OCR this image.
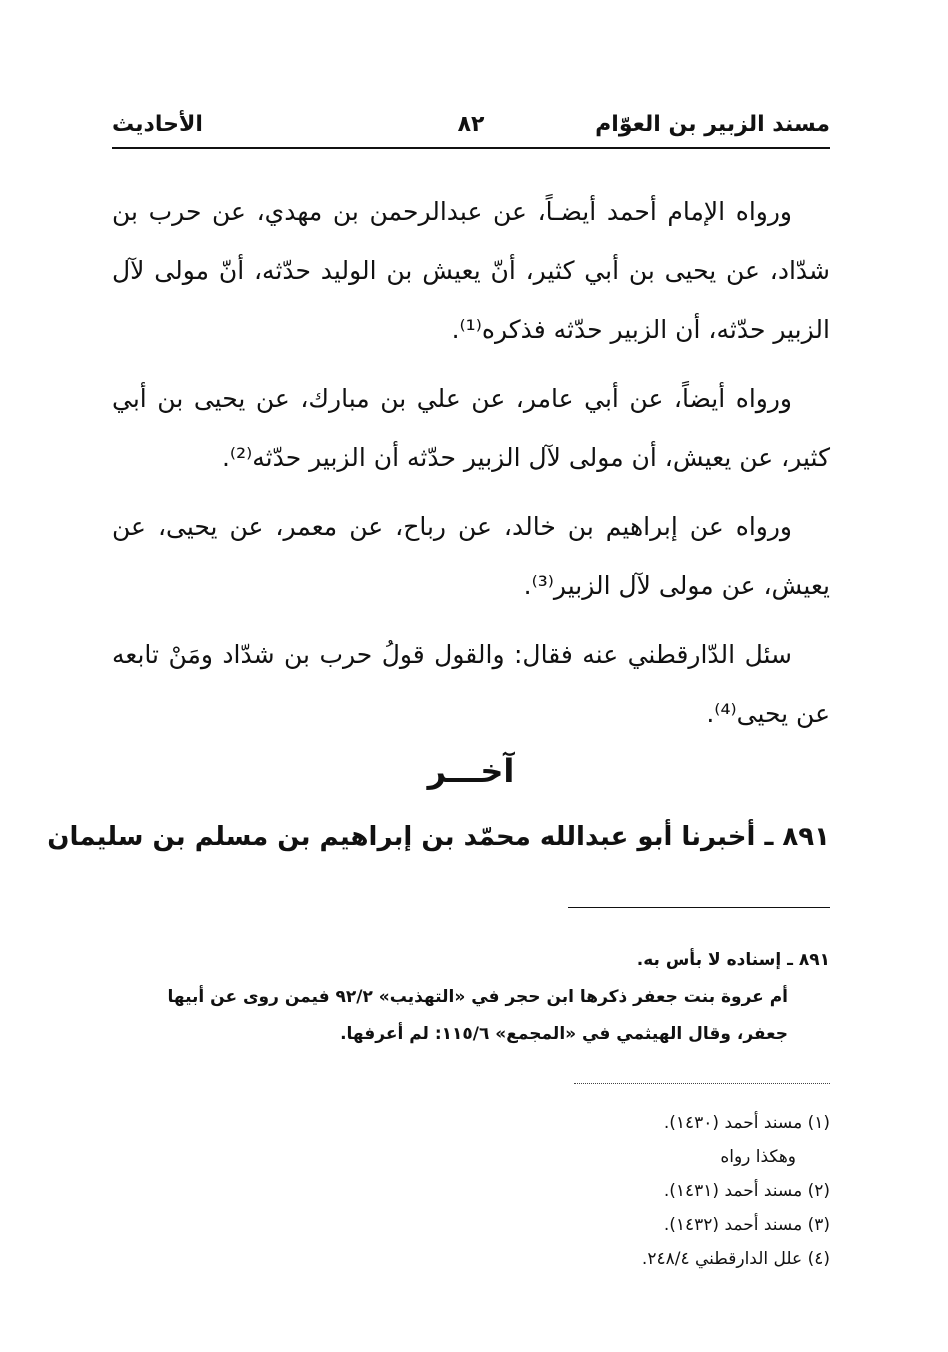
مسند الزبير بن العوّام
٨٢
الأحاديث

ورواه الإمام أحمد أيضـاً، عن عبدالرحمن بن مهدي، عن حرب بن شدّاد، عن يحيى بن أبي كثير، أنّ يعيش بن الوليد حدّثه، أنّ مولى لآل الزبير حدّثه، أن الزبير حدّثه فذكره⁽¹⁾.

ورواه أيضاً، عن أبي عامر، عن علي بن مبارك، عن يحيى بن أبي كثير، عن يعيش، أن مولى لآل الزبير حدّثه أن الزبير حدّثه⁽²⁾.

ورواه عن إبراهيم بن خالد، عن رباح، عن معمر، عن يحيى، عن يعيش، عن مولى لآل الزبير⁽³⁾.

سئل الدّارقطني عنه فقال: والقول قولُ حرب بن شدّاد ومَنْ تابعه عن يحيى⁽⁴⁾.

آخـــر
٨٩١ ـ أخبرنا أبو عبدالله محمّد بن إبراهيم بن مسلم بن سليمان
٨٩١ ـ إسناده لا بأس به.
أم عروة بنت جعفر ذكرها ابن حجر في «التهذيب» ٩٢/٢ فيمن روى عن أبيها
جعفر، وقال الهيثمي في «المجمع» ١١٥/٦: لم أعرفها.
(١) مسند أحمد (١٤٣٠).
وهكذا رواه
(٢) مسند أحمد (١٤٣١).
(٣) مسند أحمد (١٤٣٢).
(٤) علل الدارقطني ٢٤٨/٤.
